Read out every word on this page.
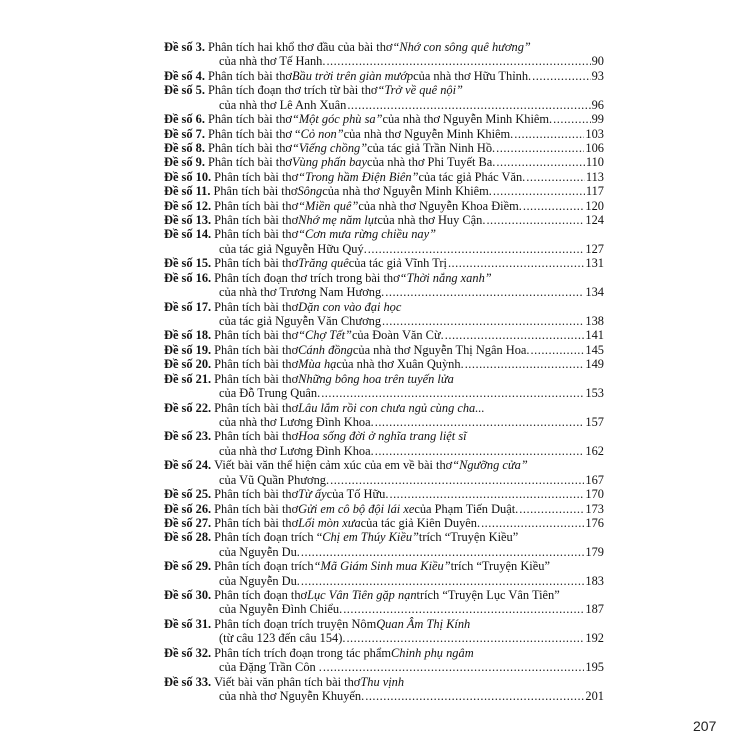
Đề số 3. Phân tích hai khổ thơ đầu của bài thơ “Nhớ con sông quê hương”
của nhà thơ Tế Hanh. .....	90
Đề số 4. Phân tích bài thơ Bầu trời trên giàn mướp của nhà thơ Hữu Thỉnh. .....	93
Đề số 5. Phân tích đoạn thơ trích từ bài thơ “Trở về quê nội”
của nhà thơ Lê Anh Xuân .....	96
Đề số 6. Phân tích bài thơ “Một góc phù sa” của nhà thơ Nguyễn Minh Khiêm. .....	99
Đề số 7. Phân tích bài thơ “ Cỏ non” của nhà thơ Nguyễn Minh Khiêm. .....	103
Đề số 8. Phân tích bài thơ “Viếng chồng” của tác giả Trần Ninh Hồ. .....	106
Đề số 9. Phân tích bài thơ Vùng phấn bay của nhà thơ Phi Tuyết Ba. .....	110
Đề số 10. Phân tích bài thơ “Trong hầm Điện Biên” của tác giả Phác Văn. .....	113
Đề số 11. Phân tích bài thơ Sông của nhà thơ Nguyễn Minh Khiêm. .....	117
Đề số 12. Phân tích bài thơ “Miền quê” của nhà thơ Nguyễn Khoa Điềm. .....	120
Đề số 13. Phân tích bài thơ Nhớ mẹ năm lụt của nhà thơ Huy Cận. .....	124
Đề số 14. Phân tích bài thơ “Cơn mưa rừng chiều nay”
của tác giả Nguyễn Hữu Quý. .....	127
Đề số 15. Phân tích bài thơ Trăng quê của tác giả Vĩnh Trị .....	131
Đề số 16. Phân tích đoạn thơ trích trong bài thơ “Thời nắng xanh”
của nhà thơ Trương Nam Hương. .....	134
Đề số 17. Phân tích bài thơ Dặn con vào đại học
của tác giả Nguyễn Văn Chương .....	138
Đề số 18. Phân tích bài thơ “Chợ Tết” của Đoàn Văn Cừ. .....	141
Đề số 19. Phân tích bài thơ Cánh đồng của nhà thơ Nguyễn Thị Ngân Hoa. .....	145
Đề số 20. Phân tích bài thơ Mùa hạ của nhà thơ Xuân Quỳnh. .....	149
Đề số 21. Phân tích bài thơ Những bông hoa trên tuyến lửa
của Đỗ Trung Quân. .....	153
Đề số 22. Phân tích bài thơ Lâu lắm rồi con chưa ngủ cùng cha...
của nhà thơ Lương Đình Khoa. .....	157
Đề số 23. Phân tích bài thơ Hoa sống đời ở nghĩa trang liệt sĩ
của nhà thơ Lương Đình Khoa. .....	162
Đề số 24. Viết bài văn thể hiện cảm xúc của em về bài thơ “Ngưỡng cửa”
của Vũ Quần Phương. .....	167
Đề số 25. Phân tích bài thơ Từ ấy của Tố Hữu. .....	170
Đề số 26. Phân tích bài thơ Gửi em cô bộ đội lái xe của Phạm Tiến Duật. .....	173
Đề số 27. Phân tích bài thơ Lối mòn xưa của tác giả Kiên Duyên. .....	176
Đề số 28. Phân tích đoạn trích “ Chị em Thúy Kiều” trích “Truyện Kiều”
của Nguyễn Du. .....	179
Đề số 29. Phân tích đoạn trích “Mã Giám Sinh mua Kiều” trích “Truyện Kiều”
của Nguyễn Du. .....	183
Đề số 30. Phân tích đoạn thơ Lục Vân Tiên gặp nạn trích “Truyện Lục Vân Tiên”
của Nguyễn Đình Chiểu. .....	187
Đề số 31. Phân tích đoạn trích truyện Nôm Quan Âm Thị Kính
(từ câu 123 đến câu 154). .....	192
Đề số 32. Phân tích trích đoạn trong tác phẩm Chinh phụ ngâm
của Đặng Trần Côn . .....	195
Đề số 33. Viết bài văn phân tích bài thơ Thu vịnh
của nhà thơ Nguyễn Khuyến. .....	201
207
